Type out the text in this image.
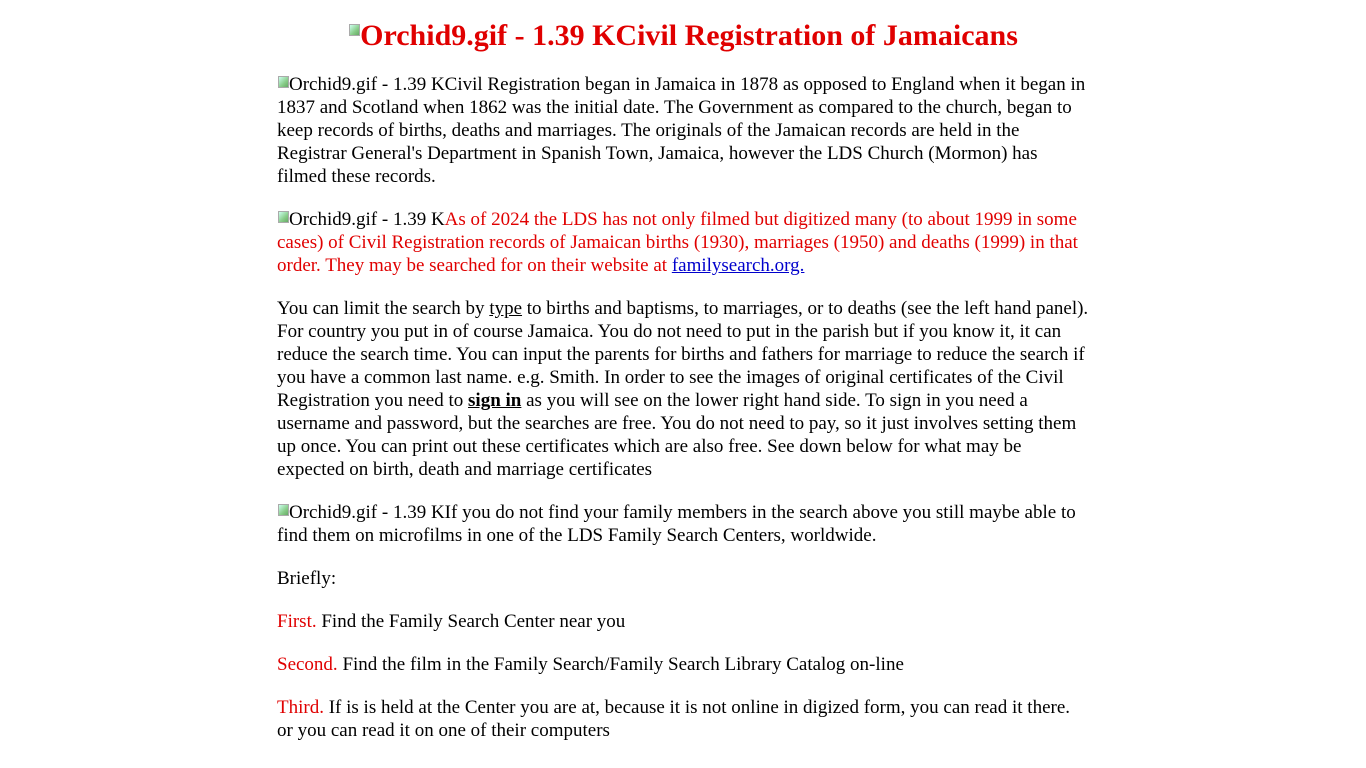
Orchid9.gif - 1.39 KCivil Registration of Jamaicans

Orchid9.gif - 1.39 KCivil Registration began in Jamaica in 1878 as opposed to England when it began in 1837 and Scotland when 1862 was the initial date. The Government as compared to the church, began to keep records of births, deaths and marriages. The originals of the Jamaican records are held in the Registrar General's Department in Spanish Town, Jamaica, however the LDS Church (Mormon) has filmed these records.

Orchid9.gif - 1.39 KAs of 2024 the LDS has not only filmed but digitized many (to about 1999 in some cases) of Civil Registration records of Jamaican births (1930), marriages (1950) and deaths (1999) in that order. They may be searched for on their website at familysearch.org.

You can limit the search by type to births and baptisms, to marriages, or to deaths (see the left hand panel). For country you put in of course Jamaica. You do not need to put in the parish but if you know it, it can reduce the search time. You can input the parents for births and fathers for marriage to reduce the search if you have a common last name. e.g. Smith. In order to see the images of original certificates of the Civil Registration you need to sign in as you will see on the lower right hand side. To sign in you need a username and password, but the searches are free. You do not need to pay, so it just involves setting them up once. You can print out these certificates which are also free. See down below for what may be expected on birth, death and marriage certificates

Orchid9.gif - 1.39 KIf you do not find your family members in the search above you still maybe able to find them on microfilms in one of the LDS Family Search Centers, worldwide.

Briefly:

First. Find the Family Search Center near you

Second. Find the film in the Family Search/Family Search Library Catalog on-line

Third. If is is held at the Center you are at, because it is not online in digized form, you can read it there. or you can read it on one of their computers
